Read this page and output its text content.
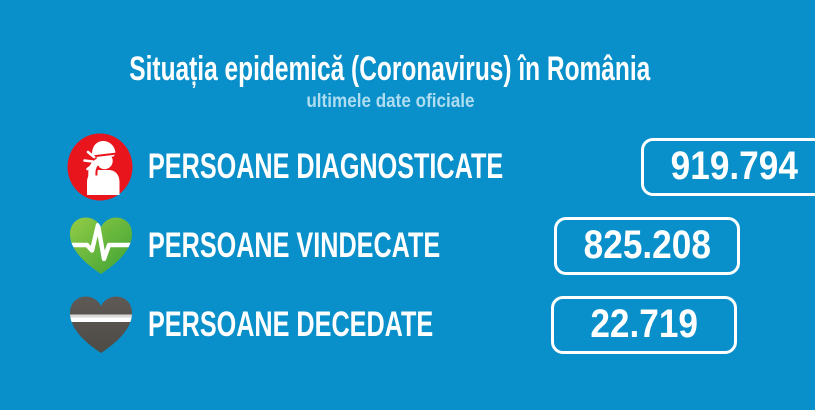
Situația epidemică (Coronavirus) în România
ultimele date oficiale
PERSOANE DIAGNOSTICATE	919.794
PERSOANE VINDECATE	825.208
PERSOANE DECEDATE	22.719
